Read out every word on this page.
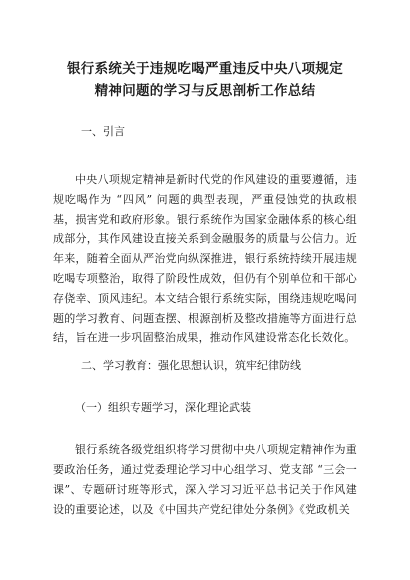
银行系统关于违规吃喝严重违反中央八项规定
精神问题的学习与反思剖析工作总结

一、引言

中央八项规定精神是新时代党的作风建设的重要遵循，违规吃喝作为 “四风” 问题的典型表现，严重侵蚀党的执政根基，损害党和政府形象。银行系统作为国家金融体系的核心组成部分，其作风建设直接关系到金融服务的质量与公信力。近年来，随着全面从严治党向纵深推进，银行系统持续开展违规吃喝专项整治，取得了阶段性成效，但仍有个别单位和干部心存侥幸、顶风违纪。本文结合银行系统实际，围绕违规吃喝问题的学习教育、问题查摆、根源剖析及整改措施等方面进行总结，旨在进一步巩固整治成果，推动作风建设常态化长效化。

二、学习教育：强化思想认识，筑牢纪律防线

（一）组织专题学习，深化理论武装

银行系统各级党组织将学习贯彻中央八项规定精神作为重要政治任务，通过党委理论学习中心组学习、党支部 “三会一课”、专题研讨班等形式，深入学习习近平总书记关于作风建设的重要论述，以及《中国共产党纪律处分条例》《党政机关
